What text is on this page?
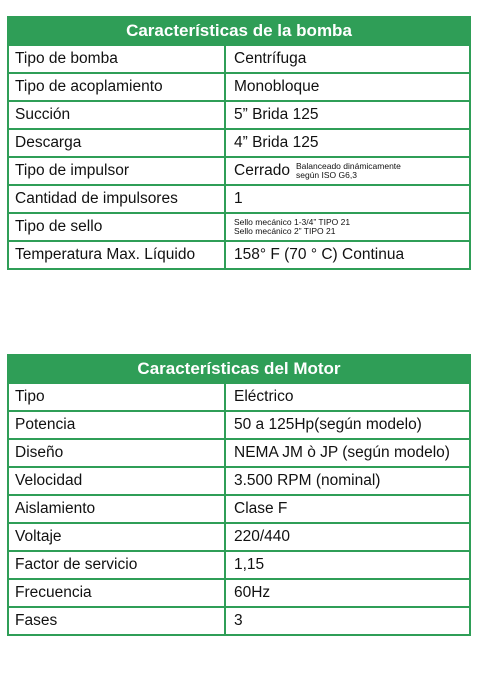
Características de la bomba
Tipo de bomba	Centrífuga
Tipo de acoplamiento	Monobloque
Succión	5” Brida 125
Descarga	4” Brida 125
Tipo de impulsor	Cerrado Balanceado dinámicamente
según ISO G6,3
Cantidad de impulsores	1
Tipo de sello	Sello mecánico 1-3/4” TIPO 21
Sello mecánico 2” TIPO 21
Temperatura Max. Líquido	158° F (70 ° C) Continua
Características del Motor
Tipo	Eléctrico
Potencia	50 a 125Hp(según modelo)
Diseño	NEMA JM ò JP (según modelo)
Velocidad	3.500 RPM (nominal)
Aislamiento	Clase F
Voltaje	220/440
Factor de servicio	1,15
Frecuencia	60Hz
Fases	3
